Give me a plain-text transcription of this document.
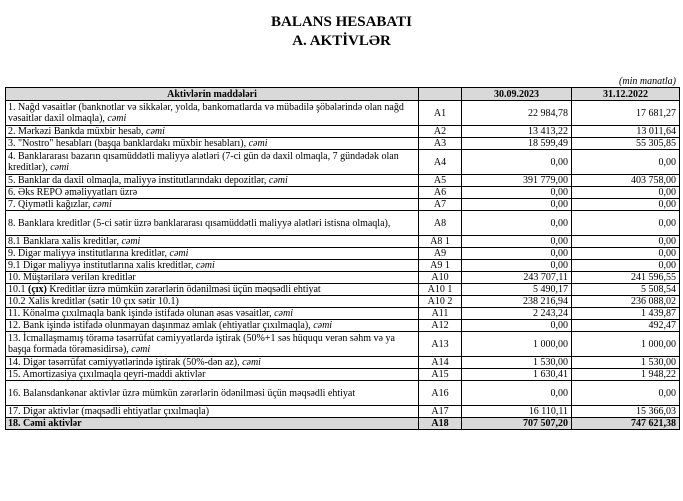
BALANS HESABATI
A. AKTİVLƏR
(min manatla)
Aktivlərin maddələri		30.09.2023	31.12.2022
1. Nağd vəsaitlər (banknotlar və sikkələr, yolda, bankomatlarda və mübadilə şöbələrində olan nağd vəsaitlər daxil olmaqla), cəmi	A1	22 984,78	17 681,27
2. Mərkəzi Bankda müxbir hesab, cəmi	A2	13 413,22	13 011,64
3. "Nostro" hesabları (başqa banklardakı müxbir hesabları), cəmi	A3	18 599,49	55 305,85
4. Banklararası bazarın qısamüddətli maliyyə alətləri (7-ci gün də daxil olmaqla, 7 gündədək olan kreditlər), cəmi	A4	0,00	0,00
5. Banklar da daxil olmaqla, maliyyə institutlarındakı depozitlər, cəmi	A5	391 779,00	403 758,00
6. Əks REPO əməliyyatları üzrə	A6	0,00	0,00
7. Qiymətli kağızlar, cəmi	A7	0,00	0,00
8. Banklara kreditlər (5-ci sətir üzrə banklararası qısamüddətli maliyyə alətləri istisna olmaqla),	A8	0,00	0,00
8.1 Banklara xalis kreditlər, cəmi	A8 1	0,00	0,00
9. Digər maliyyə institutlarına kreditlər, cəmi	A9	0,00	0,00
9.1 Digər maliyyə institutlarına xalis kreditlər, cəmi	A9 1	0,00	0,00
10. Müştərilərə verilən kreditlər	A10	243 707,11	241 596,55
10.1 (çıx) Kreditlər üzrə mümkün zərərlərin ödənilməsi üçün məqsədli ehtiyat	A10 1	5 490,17	5 508,54
10.2 Xalis kreditlər (sətir 10 çıx sətir 10.1)	A10 2	238 216,94	236 088,02
11. Könəlmə çıxılmaqla bank işində istifadə olunan əsas vəsaitlər, cəmi	A11	2 243,24	1 439,87
12. Bank işində istifadə olunmayan daşınmaz əmlak (ehtiyatlar çıxılmaqla), cəmi	A12	0,00	492,47
13. İcmallaşmamış törəmə təsərrüfat cəmiyyətlərdə iştirak (50%+1 səs hüququ verən səhm və ya başqa formada törəməsidirsə), cəmi	A13	1 000,00	1 000,00
14. Digər təsərrüfat cəmiyyətlərində iştirak (50%-dən az), cəmi	A14	1 530,00	1 530,00
15. Amortizasiya çıxılmaqla qeyri-maddi aktivlər	A15	1 630,41	1 948,22
16. Balansdankənar aktivlər üzrə mümkün zərərlərin ödənilməsi üçün məqsədli ehtiyat	A16	0,00	0,00
17. Digər aktivlər (məqsədli ehtiyatlar çıxılmaqla)	A17	16 110,11	15 366,03
18. Cəmi aktivlər	A18	707 507,20	747 621,38
